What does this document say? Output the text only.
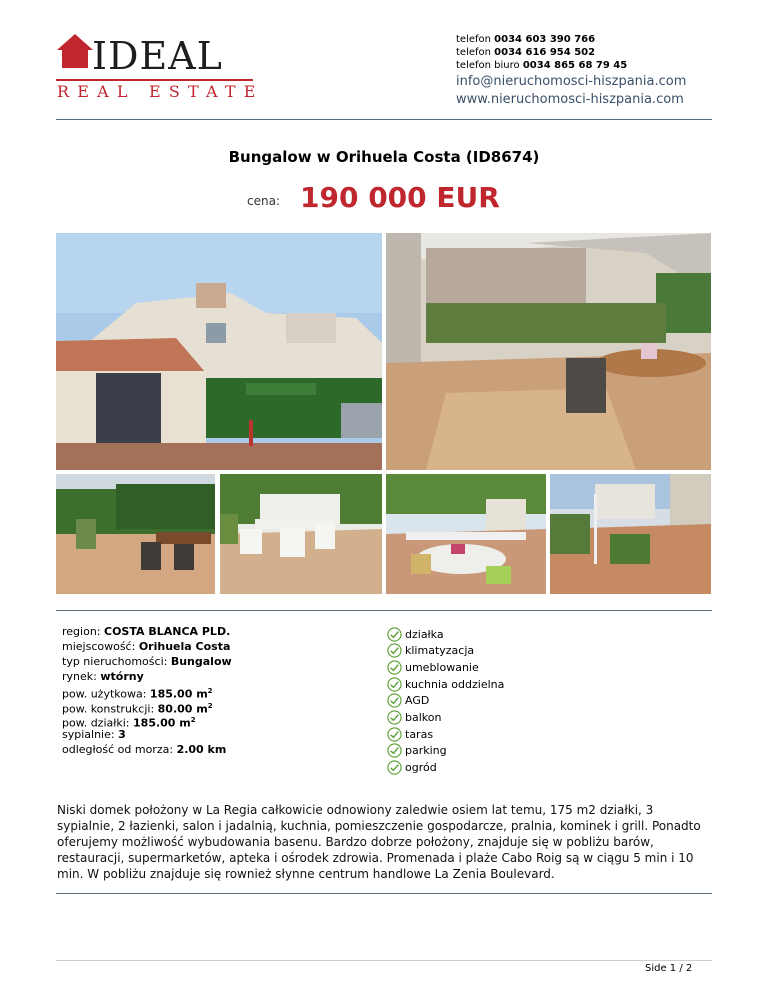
IDEAL
REAL ESTATE
telefon 0034 603 390 766
telefon 0034 616 954 502
telefon biuro 0034 865 68 79 45
info@nieruchomosci-hiszpania.com
www.nieruchomosci-hiszpania.com
Bungalow w Orihuela Costa (ID8674)
cena: 190 000 EUR
region: COSTA BLANCA PLD.
miejscowość: Orihuela Costa
typ nieruchomości: Bungalow
rynek: wtórny
pow. użytkowa: 185.00 $m^2$
pow. konstrukcji: 80.00 $m^2$
pow. działki: 185.00 $m^2$
sypialnie: 3
odległość od morza: 2.00 km
działka
klimatyzacja
umeblowanie
kuchnia oddzielna
AGD
balkon
taras
parking
ogród
Niski domek położony w La Regia całkowicie odnowiony zaledwie osiem lat temu, 175 m2 działki, 3 sypialnie, 2 łazienki, salon i jadalnią, kuchnia, pomieszczenie gospodarcze, pralnia, kominek i grill. Ponadto oferujemy możliwość wybudowania basenu. Bardzo dobrze położony, znajduje się w pobliżu barów, restauracji, supermarketów, apteka i ośrodek zdrowia. Promenada i plaże Cabo Roig są w ciągu 5 min i 10 min. W pobliżu znajduje się rownież słynne centrum handlowe La Zenia Boulevard.
Side 1 / 2
